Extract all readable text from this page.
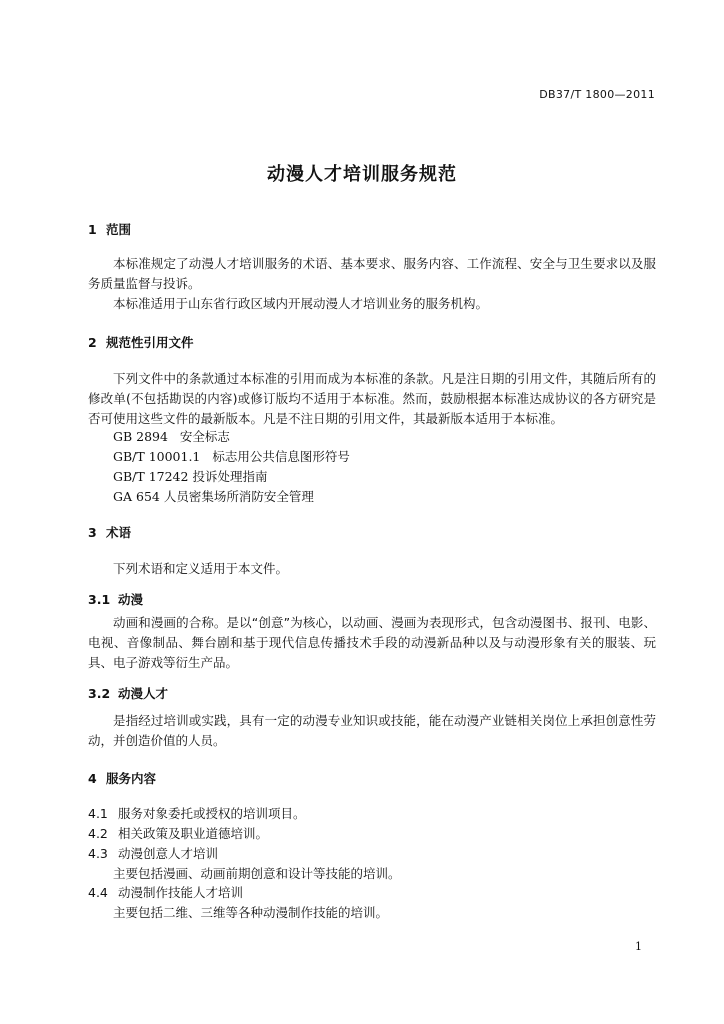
DB37/T 1800—2011
动漫人才培训服务规范
1 范围

本标准规定了动漫人才培训服务的术语、基本要求、服务内容、工作流程、安全与卫生要求以及服务质量监督与投诉。

本标准适用于山东省行政区域内开展动漫人才培训业务的服务机构。

2 规范性引用文件

下列文件中的条款通过本标准的引用而成为本标准的条款。凡是注日期的引用文件，其随后所有的修改单(不包括勘误的内容)或修订版均不适用于本标准。然而，鼓励根据本标准达成协议的各方研究是否可使用这些文件的最新版本。凡是不注日期的引用文件，其最新版本适用于本标准。

GB 2894 安全标志
GB/T 10001.1 标志用公共信息图形符号
GB/T 17242 投诉处理指南
GA 654 人员密集场所消防安全管理
3 术语

下列术语和定义适用于本文件。

3.1 动漫

动画和漫画的合称。是以“创意”为核心，以动画、漫画为表现形式，包含动漫图书、报刊、电影、电视、音像制品、舞台剧和基于现代信息传播技术手段的动漫新品种以及与动漫形象有关的服装、玩具、电子游戏等衍生产品。

3.2 动漫人才

是指经过培训或实践，具有一定的动漫专业知识或技能，能在动漫产业链相关岗位上承担创意性劳动，并创造价值的人员。

4 服务内容
4.1 服务对象委托或授权的培训项目。
4.2 相关政策及职业道德培训。
4.3 动漫创意人才培训
主要包括漫画、动画前期创意和设计等技能的培训。
4.4 动漫制作技能人才培训
主要包括二维、三维等各种动漫制作技能的培训。
1
